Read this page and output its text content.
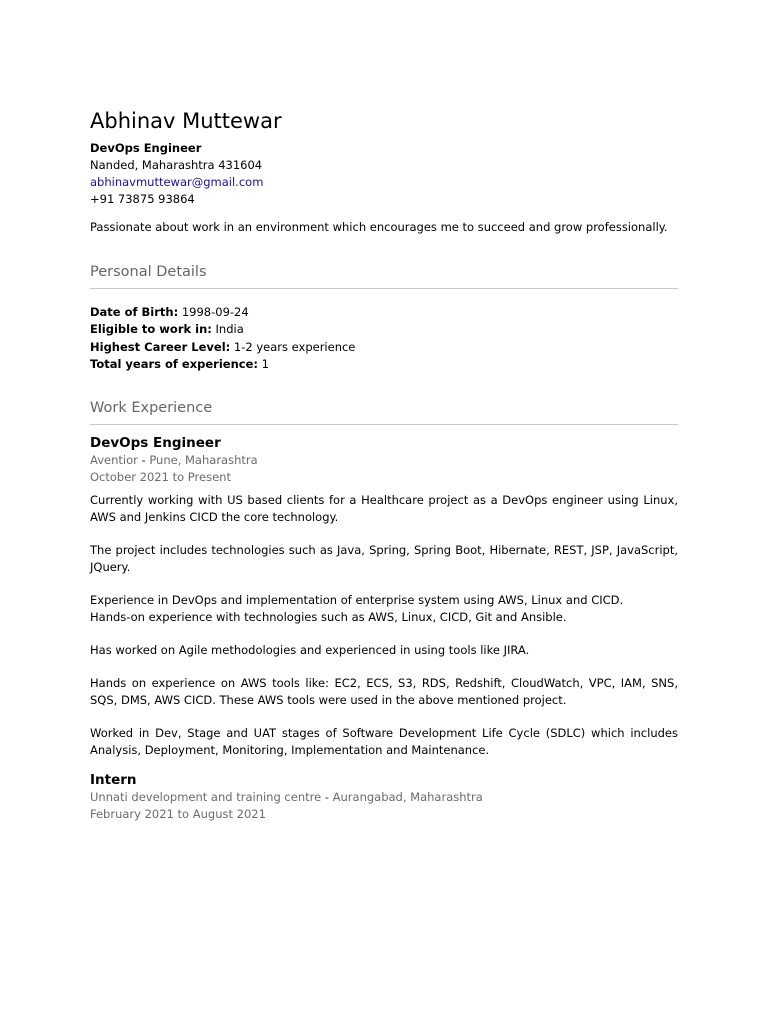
Abhinav Muttewar
DevOps Engineer
Nanded, Maharashtra 431604
abhinavmuttewar@gmail.com
+91 73875 93864

Passionate about work in an environment which encourages me to succeed and grow professionally.

Personal Details
Date of Birth: 1998-09-24
Eligible to work in: India
Highest Career Level: 1-2 years experience
Total years of experience: 1
Work Experience
DevOps Engineer
Aventior - Pune, Maharashtra
October 2021 to Present

Currently working with US based clients for a Healthcare project as a DevOps engineer using Linux, AWS and Jenkins CICD the core technology.

The project includes technologies such as Java, Spring, Spring Boot, Hibernate, REST, JSP, JavaScript, JQuery.

Experience in DevOps and implementation of enterprise system using AWS, Linux and CICD.
Hands-on experience with technologies such as AWS, Linux, CICD, Git and Ansible.

Has worked on Agile methodologies and experienced in using tools like JIRA.

Hands on experience on AWS tools like: EC2, ECS, S3, RDS, Redshift, CloudWatch, VPC, IAM, SNS, SQS, DMS, AWS CICD. These AWS tools were used in the above mentioned project.

Worked in Dev, Stage and UAT stages of Software Development Life Cycle (SDLC) which includes Analysis, Deployment, Monitoring, Implementation and Maintenance.

Intern
Unnati development and training centre - Aurangabad, Maharashtra
February 2021 to August 2021
